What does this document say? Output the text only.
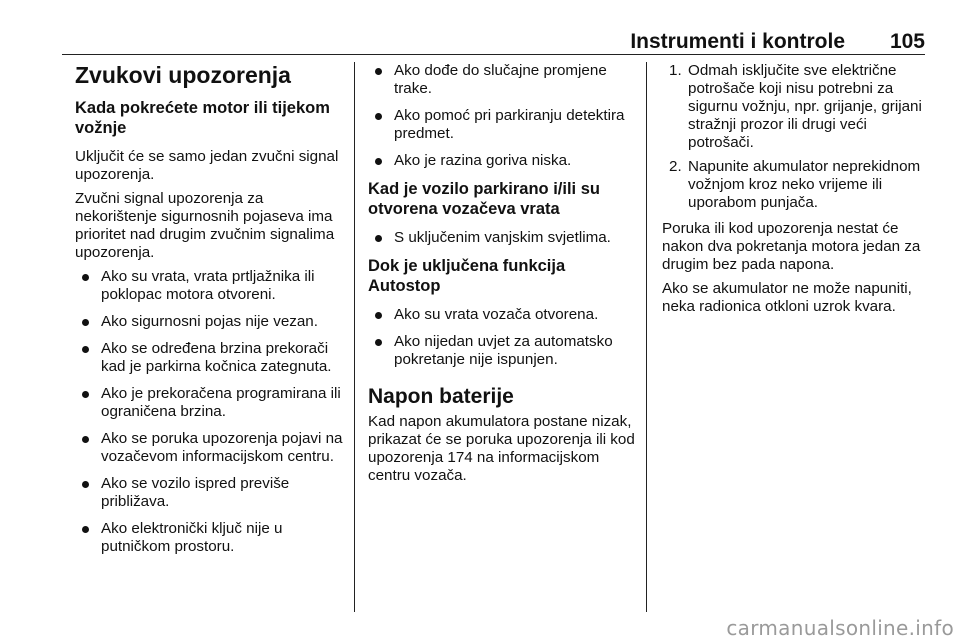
Instrumenti i kontrole 105
Zvukovi upozorenja
Kada pokrećete motor ili tijekom vožnje

Uključit će se samo jedan zvučni signal upozorenja.

Zvučni signal upozorenja za nekorištenje sigurnosnih pojaseva ima prioritet nad drugim zvučnim signalima upozorenja.

Ako su vrata, vrata prtljažnika ili poklopac motora otvoreni.
Ako sigurnosni pojas nije vezan.
Ako se određena brzina prekorači kad je parkirna kočnica zategnuta.
Ako je prekoračena programirana ili ograničena brzina.
Ako se poruka upozorenja pojavi na vozačevom informacijskom centru.
Ako se vozilo ispred previše približava.
Ako elektronički ključ nije u putničkom prostoru.
Ako dođe do slučajne promjene trake.
Ako pomoć pri parkiranju detektira predmet.
Ako je razina goriva niska.
Kad je vozilo parkirano i/ili su otvorena vozačeva vrata
S uključenim vanjskim svjetlima.
Dok je uključena funkcija Autostop
Ako su vrata vozača otvorena.
Ako nijedan uvjet za automatsko pokretanje nije ispunjen.
Napon baterije

Kad napon akumulatora postane nizak, prikazat će se poruka upozorenja ili kod upozorenja 174 na informacijskom centru vozača.

1. Odmah isključite sve električne potrošače koji nisu potrebni za sigurnu vožnju, npr. grijanje, grijani stražnji prozor ili drugi veći potrošači.
2. Napunite akumulator neprekidnom vožnjom kroz neko vrijeme ili uporabom punjača.

Poruka ili kod upozorenja nestat će nakon dva pokretanja motora jedan za drugim bez pada napona.

Ako se akumulator ne može napuniti, neka radionica otkloni uzrok kvara.

carmanualsonline.info
